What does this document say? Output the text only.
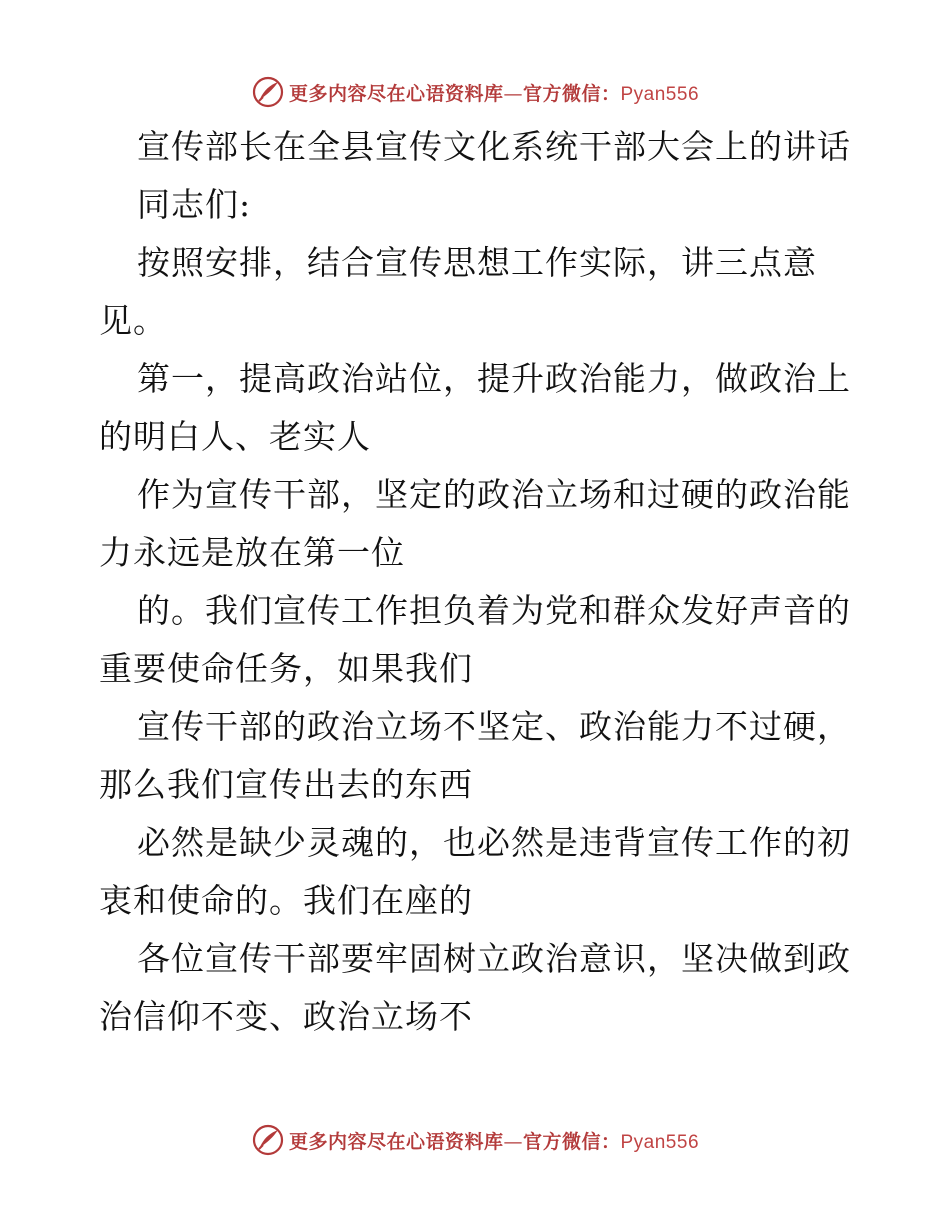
更多内容尽在心语资料库—官方微信：Pyan556

宣传部长在全县宣传文化系统干部大会上的讲话

同志们:

按照安排，结合宣传思想工作实际，讲三点意见。

第一，提高政治站位，提升政治能力，做政治上的明白人、老实人

作为宣传干部，坚定的政治立场和过硬的政治能力永远是放在第一位

的。我们宣传工作担负着为党和群众发好声音的重要使命任务，如果我们

宣传干部的政治立场不坚定、政治能力不过硬，那么我们宣传出去的东西

必然是缺少灵魂的，也必然是违背宣传工作的初衷和使命的。我们在座的

各位宣传干部要牢固树立政治意识，坚决做到政治信仰不变、政治立场不

更多内容尽在心语资料库—官方微信：Pyan556
